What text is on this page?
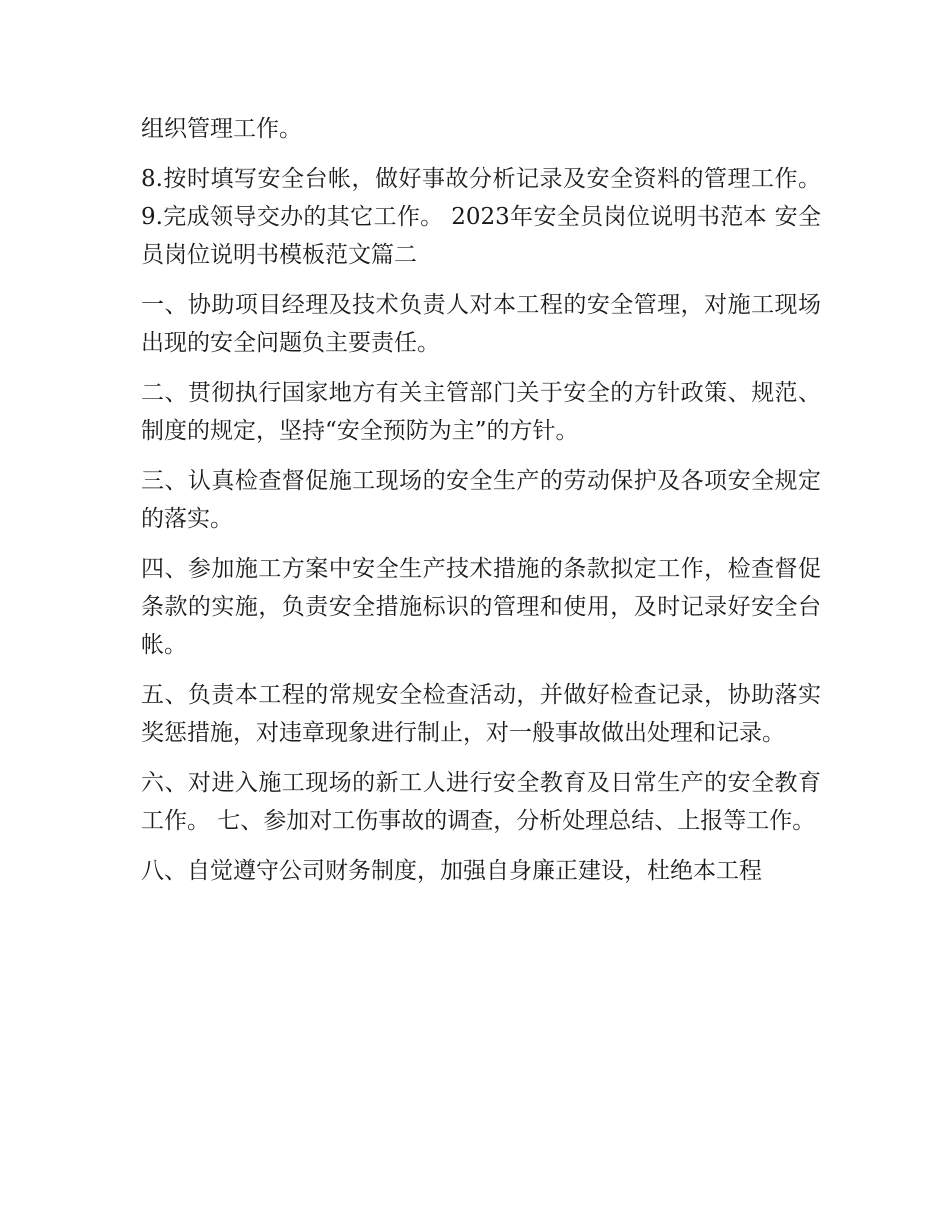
组织管理工作。

8.按时填写安全台帐，做好事故分析记录及安全资料的管理工作。 9.完成领导交办的其它工作。 2023年安全员岗位说明书范本 安全员岗位说明书模板范文篇二

一、协助项目经理及技术负责人对本工程的安全管理，对施工现场出现的安全问题负主要责任。

二、贯彻执行国家地方有关主管部门关于安全的方针政策、规范、制度的规定，坚持“安全预防为主”的方针。

三、认真检查督促施工现场的安全生产的劳动保护及各项安全规定的落实。

四、参加施工方案中安全生产技术措施的条款拟定工作，检查督促条款的实施，负责安全措施标识的管理和使用，及时记录好安全台帐。

五、负责本工程的常规安全检查活动，并做好检查记录，协助落实奖惩措施，对违章现象进行制止，对一般事故做出处理和记录。

六、对进入施工现场的新工人进行安全教育及日常生产的安全教育工作。 七、参加对工伤事故的调查，分析处理总结、上报等工作。

八、自觉遵守公司财务制度，加强自身廉正建设，杜绝本工程
